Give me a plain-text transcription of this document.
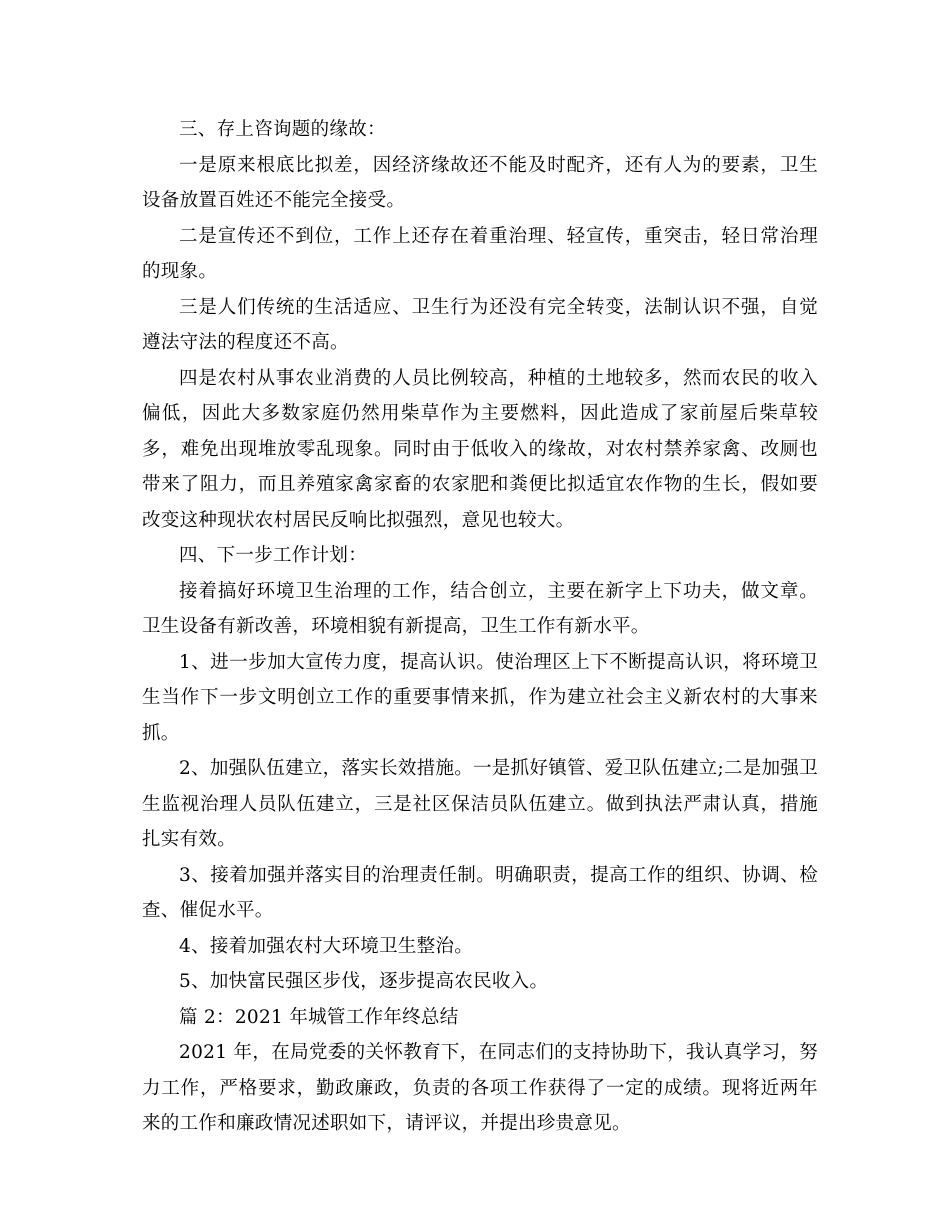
三、存上咨询题的缘故：

一是原来根底比拟差，因经济缘故还不能及时配齐，还有人为的要素，卫生设备放置百姓还不能完全接受。

二是宣传还不到位，工作上还存在着重治理、轻宣传，重突击，轻日常治理的现象。

三是人们传统的生活适应、卫生行为还没有完全转变，法制认识不强，自觉遵法守法的程度还不高。

四是农村从事农业消费的人员比例较高，种植的土地较多，然而农民的收入偏低，因此大多数家庭仍然用柴草作为主要燃料，因此造成了家前屋后柴草较多，难免出现堆放零乱现象。同时由于低收入的缘故，对农村禁养家禽、改厕也带来了阻力，而且养殖家禽家畜的农家肥和粪便比拟适宜农作物的生长，假如要改变这种现状农村居民反响比拟强烈，意见也较大。

四、下一步工作计划：

接着搞好环境卫生治理的工作，结合创立，主要在新字上下功夫，做文章。卫生设备有新改善，环境相貌有新提高，卫生工作有新水平。

1、进一步加大宣传力度，提高认识。使治理区上下不断提高认识，将环境卫生当作下一步文明创立工作的重要事情来抓，作为建立社会主义新农村的大事来抓。

2、加强队伍建立，落实长效措施。一是抓好镇管、爱卫队伍建立;二是加强卫生监视治理人员队伍建立，三是社区保洁员队伍建立。做到执法严肃认真，措施扎实有效。

3、接着加强并落实目的治理责任制。明确职责，提高工作的组织、协调、检查、催促水平。

4、接着加强农村大环境卫生整治。

5、加快富民强区步伐，逐步提高农民收入。

篇 2：2021 年城管工作年终总结

2021 年，在局党委的关怀教育下，在同志们的支持协助下，我认真学习，努力工作，严格要求，勤政廉政，负责的各项工作获得了一定的成绩。现将近两年来的工作和廉政情况述职如下，请评议，并提出珍贵意见。
